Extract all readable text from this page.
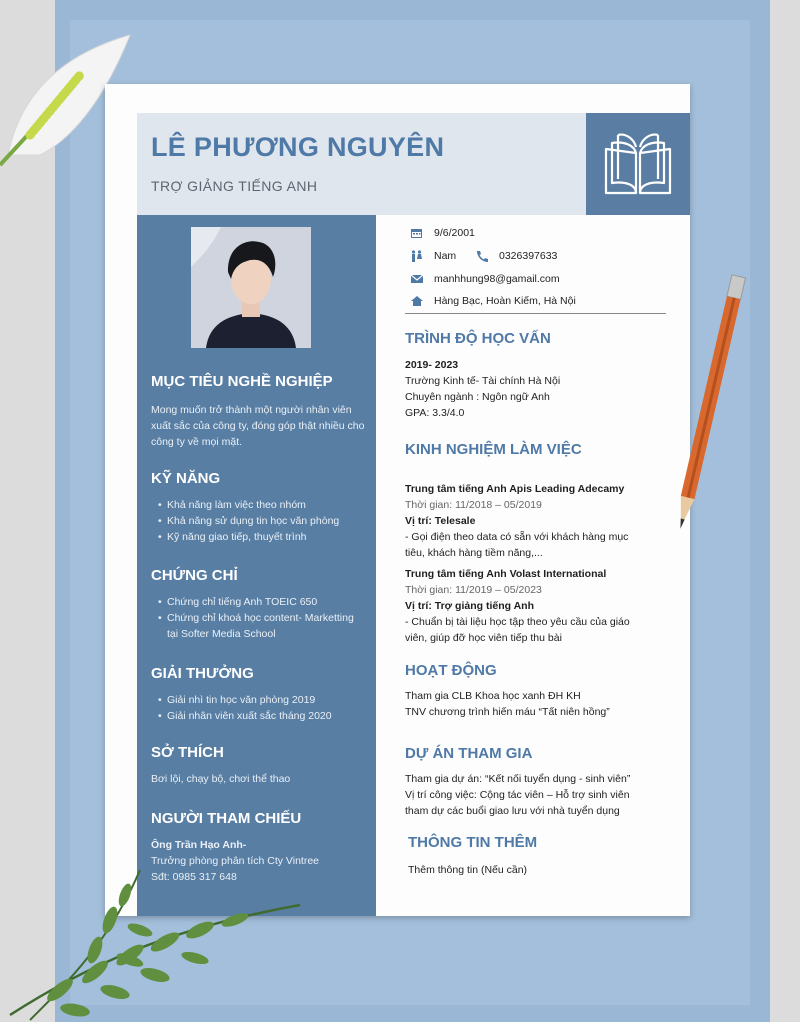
LÊ PHƯƠNG NGUYÊN
TRỢ GIẢNG TIẾNG ANH
MỤC TIÊU NGHỀ NGHIỆP
Mong muốn trở thành một người nhân viên xuất sắc của công ty, đóng góp thật nhiều cho công ty về mọi mặt.
KỸ NĂNG
• Khả năng làm việc theo nhóm
• Khả năng sử dụng tin học văn phòng
• Kỹ năng giao tiếp, thuyết trình
CHỨNG CHỈ
• Chứng chỉ tiếng Anh TOEIC 650
• Chứng chỉ khoá học content- Marketting tại Softer Media School
GIẢI THƯỞNG
• Giải nhì tin học văn phòng 2019
• Giải nhân viên xuất sắc tháng 2020
SỞ THÍCH
Bơi lội, chạy bộ, chơi thể thao
NGƯỜI THAM CHIẾU
Ông Trần Hạo Anh-
Trưởng phòng phân tích Cty Vintree
Sđt: 0985 317 648
9/6/2001
Nam	0326397633
manhhung98@gamail.com
Hàng Bạc, Hoàn Kiếm, Hà Nội
TRÌNH ĐỘ HỌC VẤN
2019- 2023
Trường Kinh tế- Tài chính Hà Nội
Chuyên ngành : Ngôn ngữ Anh
GPA: 3.3/4.0
KINH NGHIỆM LÀM VIỆC
Trung tâm tiếng Anh Apis Leading Adecamy
Thời gian: 11/2018 – 05/2019
Vị trí: Telesale
- Gọi điện theo data có sẵn với khách hàng mục tiêu, khách hàng tiềm năng,...
Trung tâm tiếng Anh Volast International
Thời gian: 11/2019 – 05/2023
Vị trí: Trợ giảng tiếng Anh
- Chuẩn bị tài liệu học tập theo yêu cầu của giáo viên, giúp đỡ học viên tiếp thu bài
HOẠT ĐỘNG
Tham gia CLB Khoa học xanh ĐH KH
TNV chương trình hiến máu “Tất niên hồng”
DỰ ÁN THAM GIA
Tham gia dự án: “Kết nối tuyển dụng - sinh viên”
Vị trí công việc: Cộng tác viên – Hỗ trợ sinh viên tham dự các buổi giao lưu với nhà tuyển dụng
THÔNG TIN THÊM
Thêm thông tin (Nếu cần)
